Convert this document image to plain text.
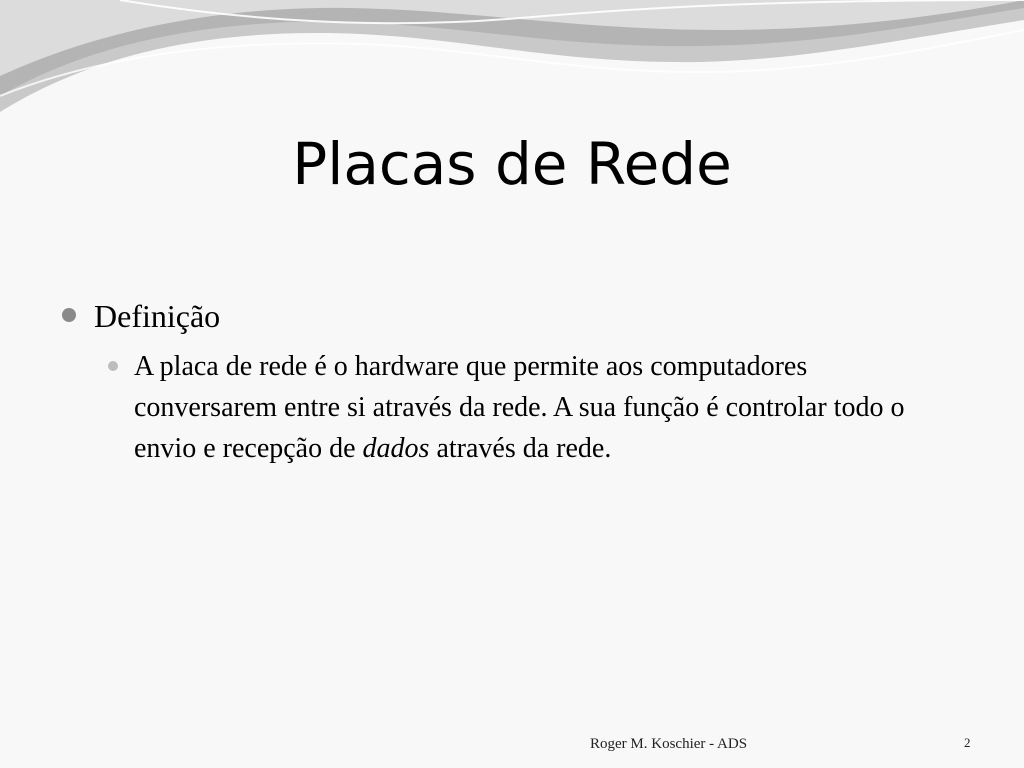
Placas de Rede
Definição
A placa de rede é o hardware que permite aos computadores conversarem entre si através da rede. A sua função é controlar todo o envio e recepção de dados através da rede.
Roger M. Koschier - ADS	2
